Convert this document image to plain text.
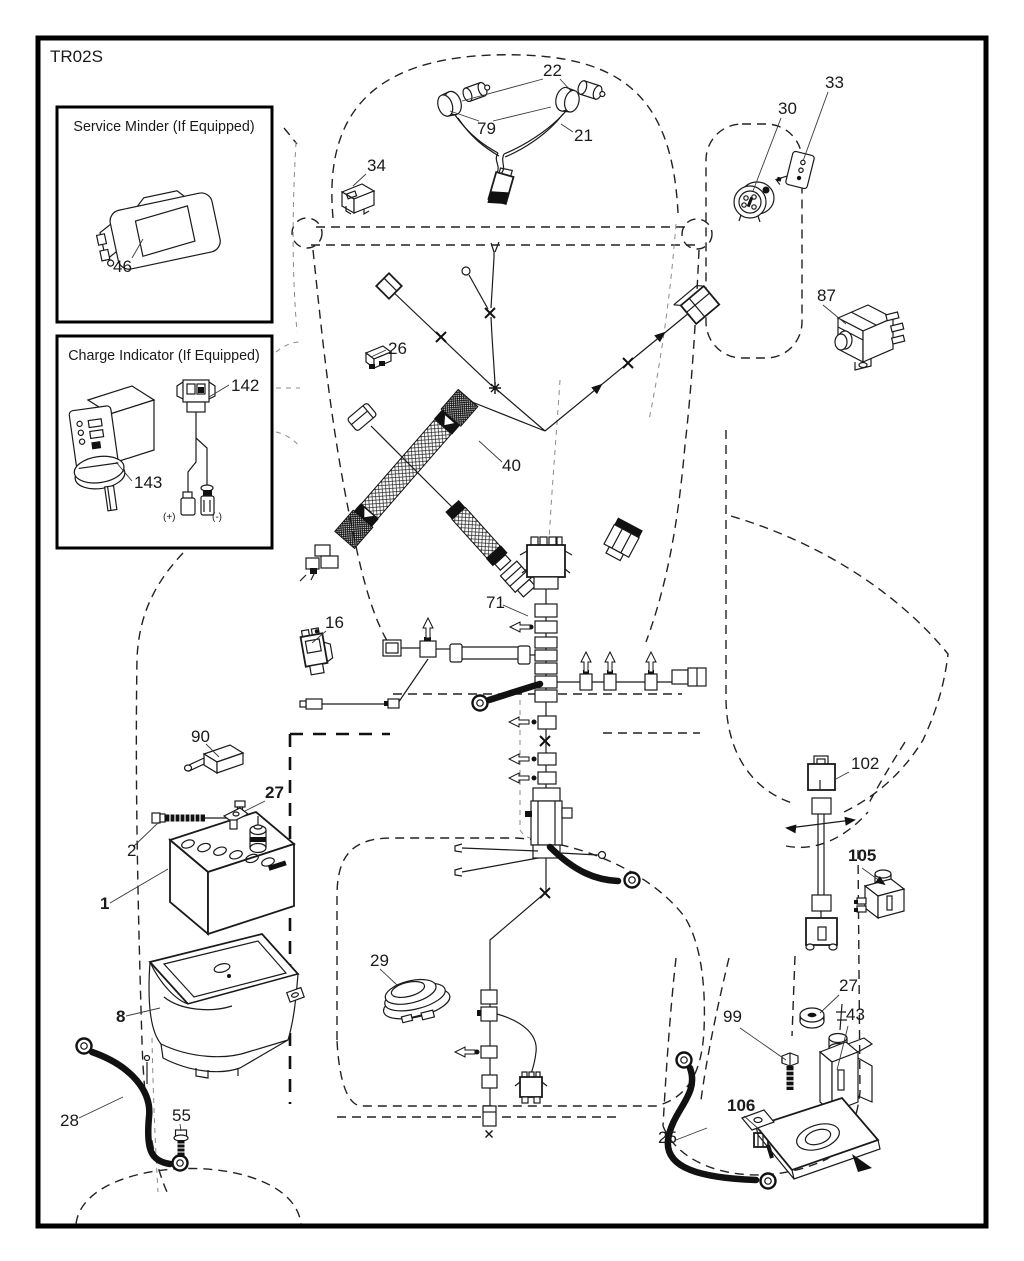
TR02S
Service Minder (If Equipped)
Charge Indicator (If Equipped)
46
142
143
(+)	(-)
22
79	21
34
30
33
87
26
40
71
16
90
2
27
1
8
28	55
29
102
105
99
27
43
106
25
